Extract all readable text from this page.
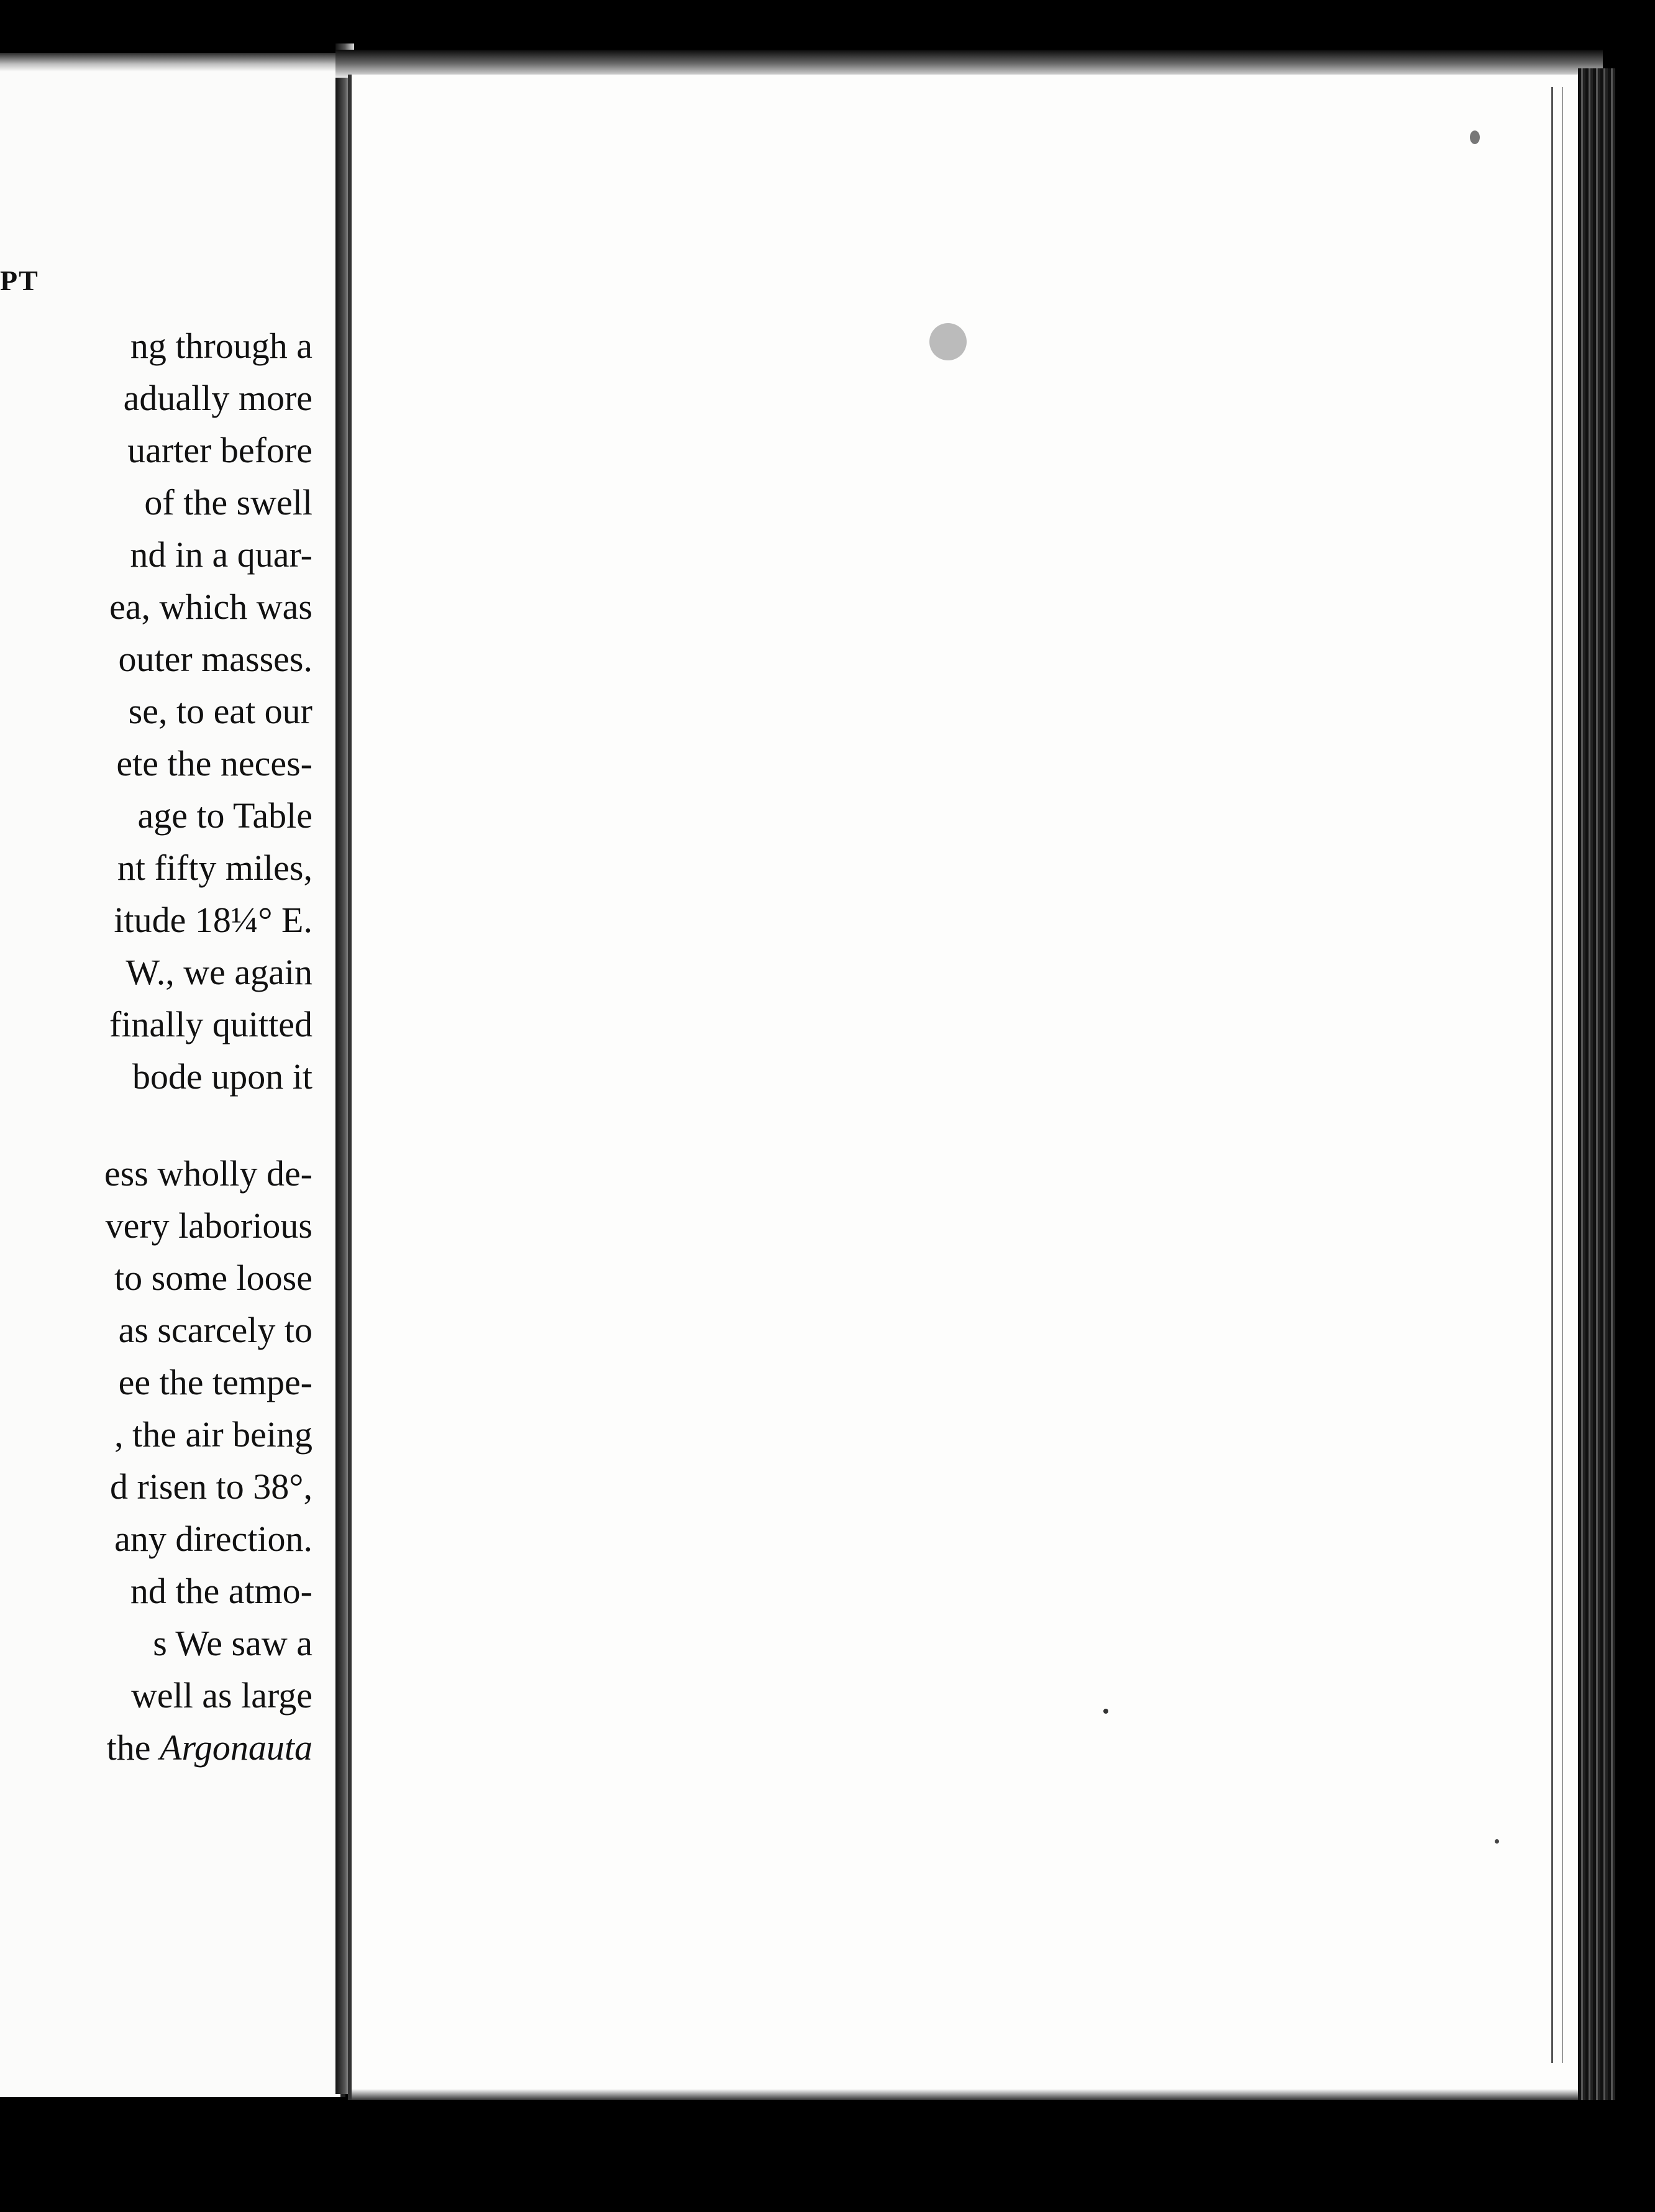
PT
ng through a
adually more
uarter before
of the swell
nd in a quar-
ea, which was
outer masses.
se, to eat our
ete the neces-
age to Table
nt fifty miles,
itude 18¼° E.
W., we again
finally quitted
bode upon it
ess wholly de-
very laborious
to some loose
as scarcely to
ee the tempe-
, the air being
d risen to 38°,
any direction.
nd the atmo-
s We saw a
well as large
the Argonauta
